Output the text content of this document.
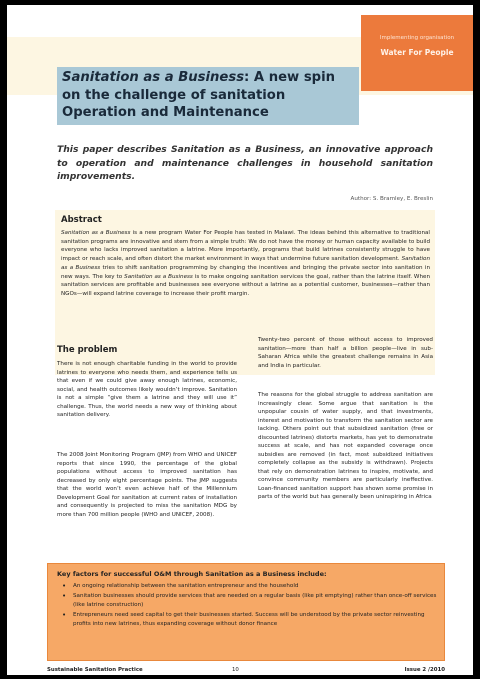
Implementing organisation
Water For People
Sanitation as a Business: A new spin on the challenge of sanitation Operation and Maintenance

This paper describes Sanitation as a Business, an innovative approach to operation and maintenance challenges in household sanitation improvements.

Author: S. Bramley, E. Breslin
Abstract

Sanitation as a Business is a new program Water For People has tested in Malawi. The ideas behind this alternative to traditional sanitation programs are innovative and stem from a simple truth: We do not have the money or human capacity available to build everyone who lacks improved sanitation a latrine. More importantly, programs that build latrines consistently struggle to have impact or reach scale, and often distort the market environment in ways that undermine future sanitation development. Sanitation as a Business tries to shift sanitation programming by changing the incentives and bringing the private sector into sanitation in new ways. The key to Sanitation as a Business is to make ongoing sanitation services the goal, rather than the latrine itself. When sanitation services are profitable and businesses see everyone without a latrine as a potential customer, businesses—rather than NGOs—will expand latrine coverage to increase their profit margin.

The problem

There is not enough charitable funding in the world to provide latrines to everyone who needs them, and experience tells us that even if we could give away enough latrines, economic, social, and health outcomes likely wouldn’t improve. Sanitation is not a simple “give them a latrine and they will use it” challenge. Thus, the world needs a new way of thinking about sanitation delivery.

The 2008 Joint Monitoring Program (JMP) from WHO and UNICEF reports that since 1990, the percentage of the global populations without access to improved sanitation has decreased by only eight percentage points. The JMP suggests that the world won’t even achieve half of the Millennium Development Goal for sanitation at current rates of installation and consequently is projected to miss the sanitation MDG by more than 700 million people (WHO and UNICEF, 2008).

Twenty-two percent of those without access to improved sanitation—more than half a billion people—live in sub-Saharan Africa while the greatest challenge remains in Asia and India in particular.

The reasons for the global struggle to address sanitation are increasingly clear. Some argue that sanitation is the unpopular cousin of water supply, and that investments, interest and motivation to transform the sanitation sector are lacking. Others point out that subsidized sanitation (free or discounted latrines) distorts markets, has yet to demonstrate success at scale, and has not expanded coverage once subsidies are removed (in fact, most subsidized initiatives completely collapse as the subsidy is withdrawn). Projects that rely on demonstration latrines to inspire, motivate, and convince community members are particularly ineffective. Loan-financed sanitation support has shown some promise in parts of the world but has generally been uninspiring in Africa

Key factors for successful O&M through Sanitation as a Business include:
• An ongoing relationship between the sanitation entrepreneur and the household
• Sanitation businesses should provide services that are needed on a regular basis (like pit emptying) rather than once-off services (like latrine construction)
• Entrepreneurs need seed capital to get their businesses started. Success will be understood by the private sector reinvesting profits into new latrines, thus expanding coverage without donor finance
Sustainable Sanitation Practice	10	Issue 2 /2010
